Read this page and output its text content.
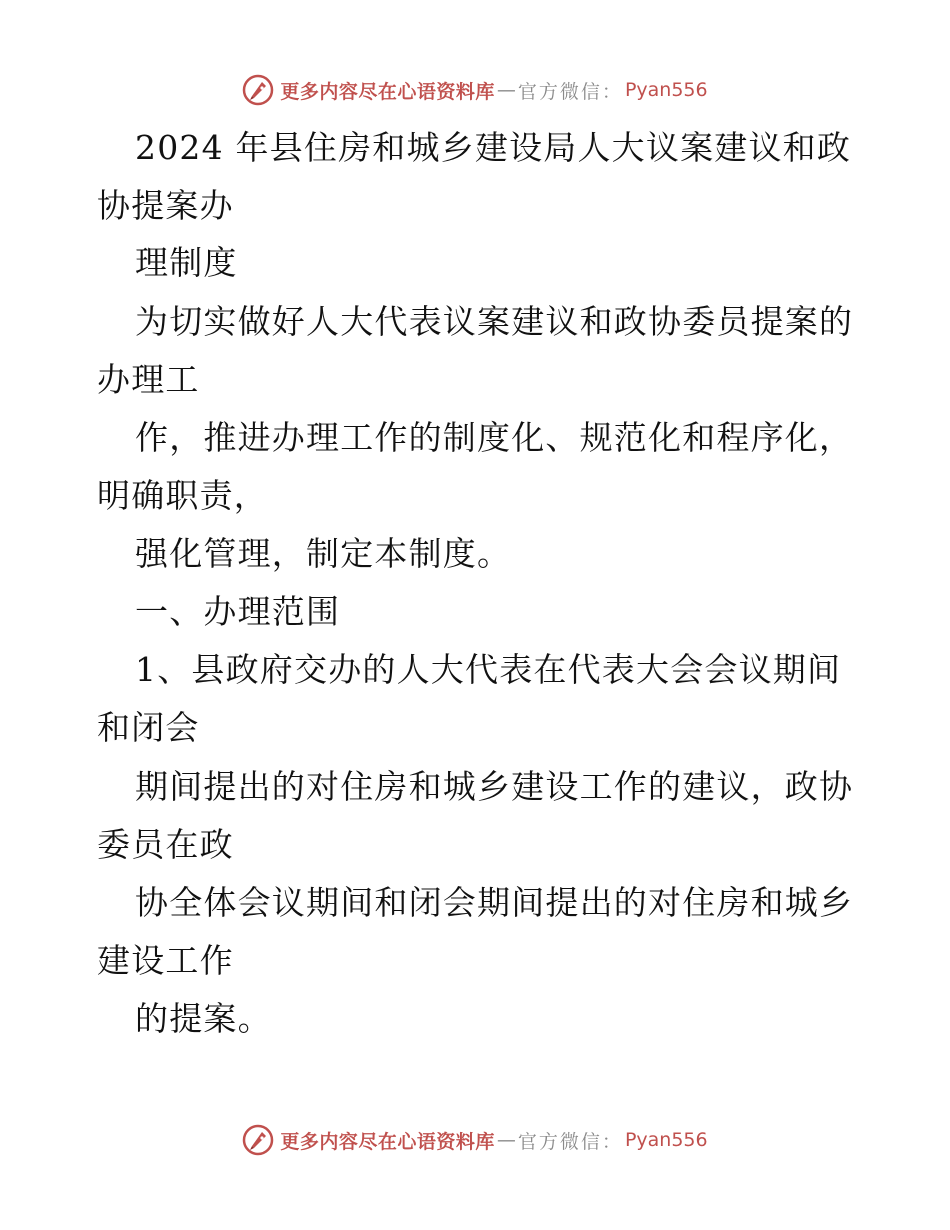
更多内容尽在心语资料库 — 官方微信： Pyan556
2024 年县住房和城乡建设局人大议案建议和政
协提案办
理制度
为切实做好人大代表议案建议和政协委员提案的
办理工
作，推进办理工作的制度化、规范化和程序化，
明确职责，
强化管理，制定本制度。
一、办理范围
1、县政府交办的人大代表在代表大会会议期间
和闭会
期间提出的对住房和城乡建设工作的建议，政协
委员在政
协全体会议期间和闭会期间提出的对住房和城乡
建设工作
的提案。
更多内容尽在心语资料库 — 官方微信： Pyan556
